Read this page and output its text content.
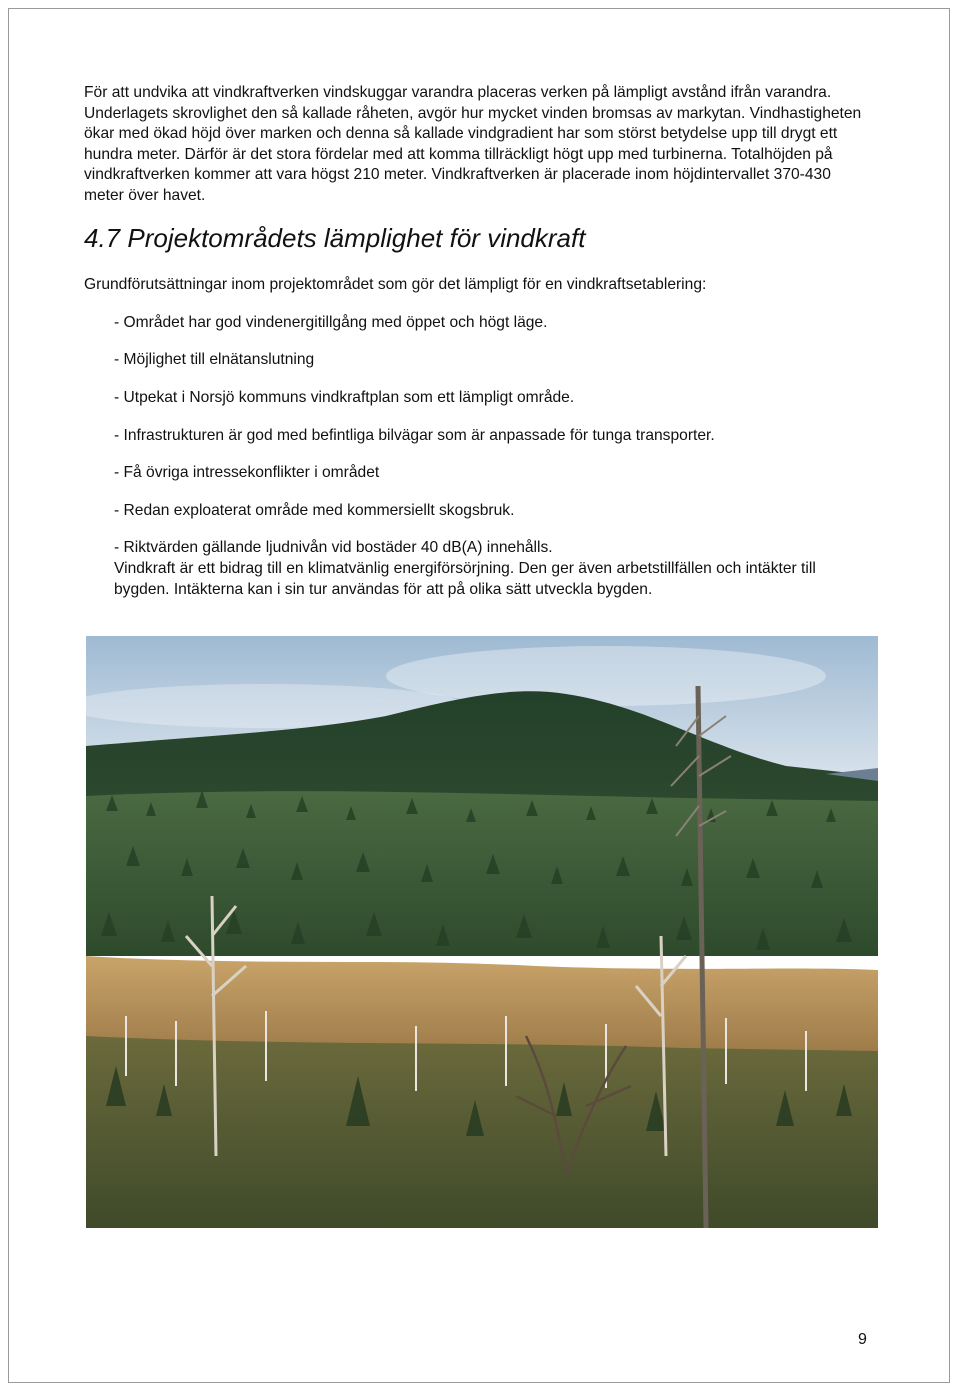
För att undvika att vindkraftverken vindskuggar varandra placeras verken på lämpligt avstånd ifrån varandra. Underlagets skrovlighet den så kallade råheten, avgör hur mycket vinden bromsas av markytan. Vindhastigheten ökar med ökad höjd över marken och denna så kallade vindgradient har som störst betydelse upp till drygt ett hundra meter. Därför är det stora fördelar med att komma tillräckligt högt upp med turbinerna. Totalhöjden på vindkraftverken kommer att vara högst 210 meter. Vindkraftverken är placerade inom höjdintervallet 370-430 meter över havet.

4.7 Projektområdets lämplighet för vindkraft

Grundförutsättningar inom projektområdet som gör det lämpligt för en vindkraftsetablering:

- Området har god vindenergitillgång med öppet och högt läge.

- Möjlighet till elnätanslutning

- Utpekat i Norsjö kommuns vindkraftplan som ett lämpligt område.

- Infrastrukturen är god med befintliga bilvägar som är anpassade för tunga transporter.

- Få övriga intressekonflikter i området

- Redan exploaterat område med kommersiellt skogsbruk.

- Riktvärden gällande ljudnivån vid bostäder 40 dB(A) innehålls.

Vindkraft är ett bidrag till en klimatvänlig energiförsörjning. Den ger även arbetstillfällen och intäkter till bygden. Intäkterna kan i sin tur användas för att på olika sätt utveckla bygden.

9
